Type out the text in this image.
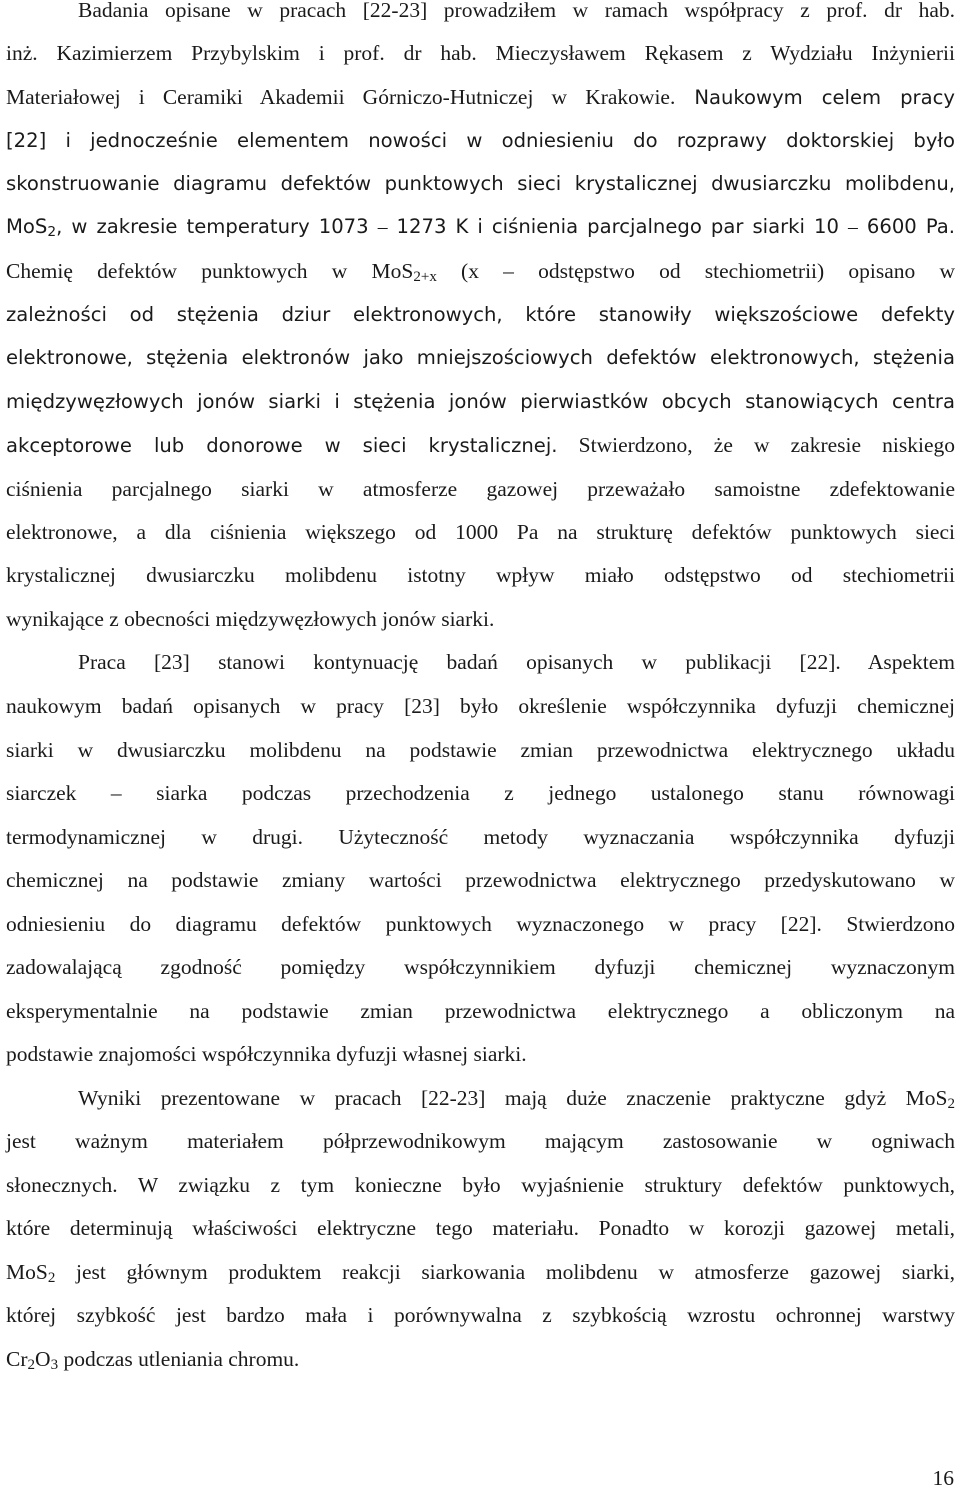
Badania opisane w pracach [22-23] prowadziłem w ramach współpracy z prof. dr hab.
inż. Kazimierzem Przybylskim i prof. dr hab. Mieczysławem Rękasem z Wydziału Inżynierii
Materiałowej i Ceramiki Akademii Górniczo-Hutniczej w Krakowie. Naukowym celem pracy
[22] i jednocześnie elementem nowości w odniesieniu do rozprawy doktorskiej było
skonstruowanie diagramu defektów punktowych sieci krystalicznej dwusiarczku molibdenu,
MoS$_2$, w zakresie temperatury 1073 – 1273 K i ciśnienia parcjalnego par siarki 10 – 6600 Pa.
Chemię defektów punktowych w MoS$_{2+x}$ (x – odstępstwo od stechiometrii) opisano w
zależności od stężenia dziur elektronowych, które stanowiły większościowe defekty
elektronowe, stężenia elektronów jako mniejszościowych defektów elektronowych, stężenia
międzywęzłowych jonów siarki i stężenia jonów pierwiastków obcych stanowiących centra
akceptorowe lub donorowe w sieci krystalicznej. Stwierdzono, że w zakresie niskiego
ciśnienia parcjalnego siarki w atmosferze gazowej przeważało samoistne zdefektowanie
elektronowe, a dla ciśnienia większego od 1000 Pa na strukturę defektów punktowych sieci
krystalicznej dwusiarczku molibdenu istotny wpływ miało odstępstwo od stechiometrii
wynikające z obecności międzywęzłowych jonów siarki.
Praca [23] stanowi kontynuację badań opisanych w publikacji [22]. Aspektem
naukowym badań opisanych w pracy [23] było określenie współczynnika dyfuzji chemicznej
siarki w dwusiarczku molibdenu na podstawie zmian przewodnictwa elektrycznego układu
siarczek – siarka podczas przechodzenia z jednego ustalonego stanu równowagi
termodynamicznej w drugi. Użyteczność metody wyznaczania współczynnika dyfuzji
chemicznej na podstawie zmiany wartości przewodnictwa elektrycznego przedyskutowano w
odniesieniu do diagramu defektów punktowych wyznaczonego w pracy [22]. Stwierdzono
zadowalającą zgodność pomiędzy współczynnikiem dyfuzji chemicznej wyznaczonym
eksperymentalnie na podstawie zmian przewodnictwa elektrycznego a obliczonym na
podstawie znajomości współczynnika dyfuzji własnej siarki.
Wyniki prezentowane w pracach [22-23] mają duże znaczenie praktyczne gdyż MoS$_2$
jest ważnym materiałem półprzewodnikowym mającym zastosowanie w ogniwach
słonecznych. W związku z tym konieczne było wyjaśnienie struktury defektów punktowych,
które determinują właściwości elektryczne tego materiału. Ponadto w korozji gazowej metali,
MoS$_2$ jest głównym produktem reakcji siarkowania molibdenu w atmosferze gazowej siarki,
której szybkość jest bardzo mała i porównywalna z szybkością wzrostu ochronnej warstwy
$Cr_2O_3$ podczas utleniania chromu.
16
